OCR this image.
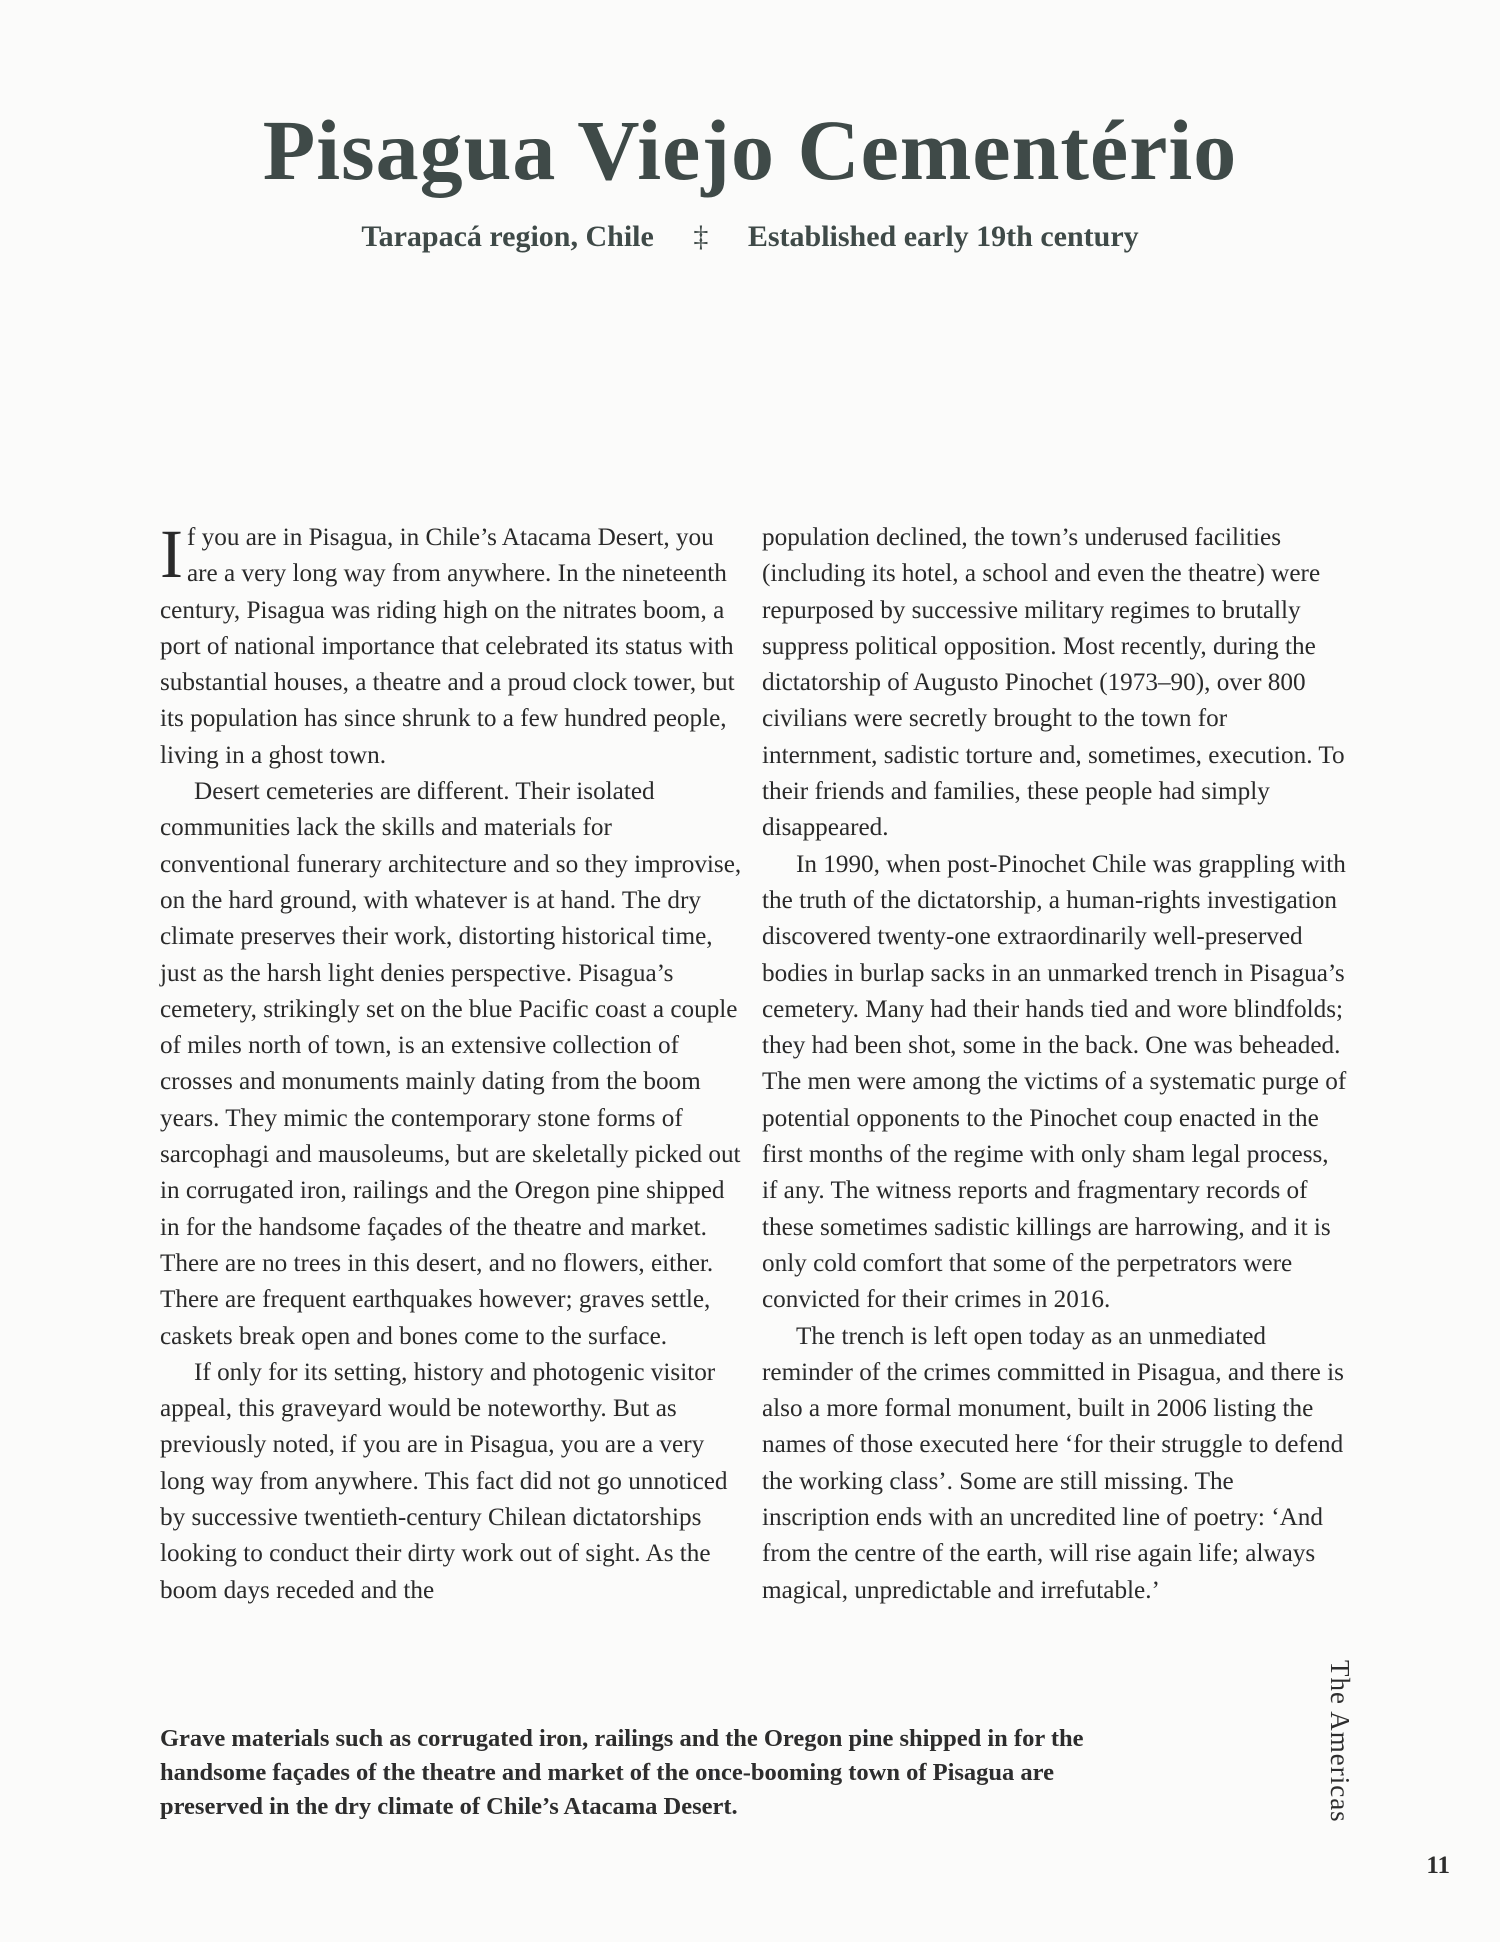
Pisagua Viejo Cementério
Tarapacá region, Chile ‡ Established early 19th century

If you are in Pisagua, in Chile’s Atacama Desert, you are a very long way from anywhere. In the nineteenth century, Pisagua was riding high on the nitrates boom, a port of national importance that celebrated its status with substantial houses, a theatre and a proud clock tower, but its population has since shrunk to a few hundred people, living in a ghost town.

Desert cemeteries are different. Their isolated communities lack the skills and materials for conventional funerary architecture and so they improvise, on the hard ground, with whatever is at hand. The dry climate preserves their work, distorting historical time, just as the harsh light denies perspective. Pisagua’s cemetery, strikingly set on the blue Pacific coast a couple of miles north of town, is an extensive collection of crosses and monuments mainly dating from the boom years. They mimic the contemporary stone forms of sarcophagi and mausoleums, but are skeletally picked out in corrugated iron, railings and the Oregon pine shipped in for the handsome façades of the theatre and market. There are no trees in this desert, and no flowers, either. There are frequent earthquakes however; graves settle, caskets break open and bones come to the surface.

If only for its setting, history and photogenic visitor appeal, this graveyard would be noteworthy. But as previously noted, if you are in Pisagua, you are a very long way from anywhere. This fact did not go unnoticed by successive twentieth-century Chilean dictatorships looking to conduct their dirty work out of sight. As the boom days receded and the

population declined, the town’s underused facilities (including its hotel, a school and even the theatre) were repurposed by successive military regimes to brutally suppress political opposition. Most recently, during the dictatorship of Augusto Pinochet (1973–90), over 800 civilians were secretly brought to the town for internment, sadistic torture and, sometimes, execution. To their friends and families, these people had simply disappeared.

In 1990, when post-Pinochet Chile was grappling with the truth of the dictatorship, a human-rights investigation discovered twenty-one extraordinarily well-preserved bodies in burlap sacks in an unmarked trench in Pisagua’s cemetery. Many had their hands tied and wore blindfolds; they had been shot, some in the back. One was beheaded. The men were among the victims of a systematic purge of potential opponents to the Pinochet coup enacted in the first months of the regime with only sham legal process, if any. The witness reports and fragmentary records of these sometimes sadistic killings are harrowing, and it is only cold comfort that some of the perpetrators were convicted for their crimes in 2016.

The trench is left open today as an unmediated reminder of the crimes committed in Pisagua, and there is also a more formal monument, built in 2006 listing the names of those executed here ‘for their struggle to defend the working class’. Some are still missing. The inscription ends with an uncredited line of poetry: ‘And from the centre of the earth, will rise again life; always magical, unpredictable and irrefutable.’

Grave materials such as corrugated iron, railings and the Oregon pine shipped in for the handsome façades of the theatre and market of the once-booming town of Pisagua are preserved in the dry climate of Chile’s Atacama Desert.	The Americas
11
